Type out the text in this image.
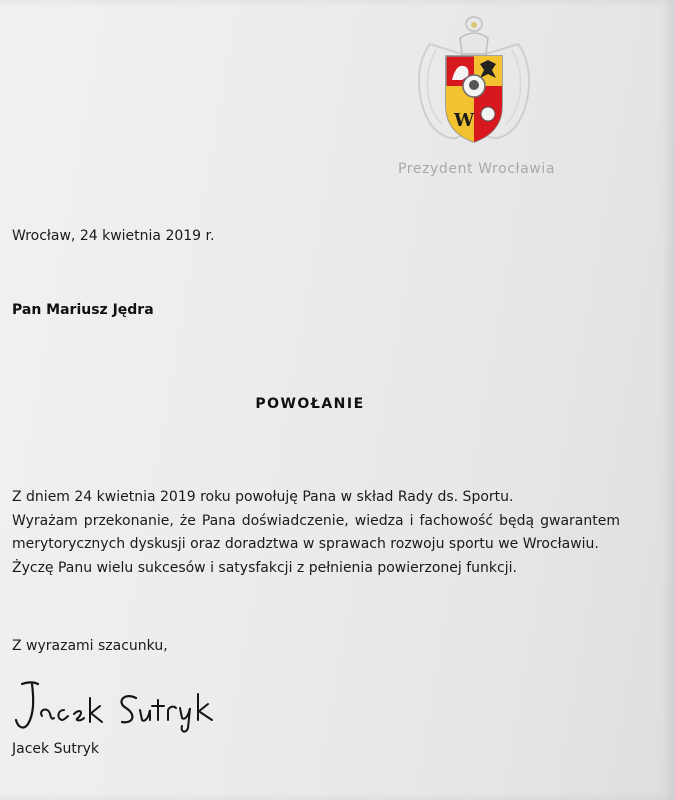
W
Prezydent Wrocławia
Wrocław, 24 kwietnia 2019 r.
Pan Mariusz Jędra
POWOŁANIE

Z dniem 24 kwietnia 2019 roku powołuję Pana w skład Rady ds. Sportu.

Wyrażam przekonanie, że Pana doświadczenie, wiedza i fachowość będą gwarantem merytorycznych dyskusji oraz doradztwa w sprawach rozwoju sportu we Wrocławiu.

Życzę Panu wielu sukcesów i satysfakcji z pełnienia powierzonej funkcji.

Z wyrazami szacunku,
Jacek Sutryk
